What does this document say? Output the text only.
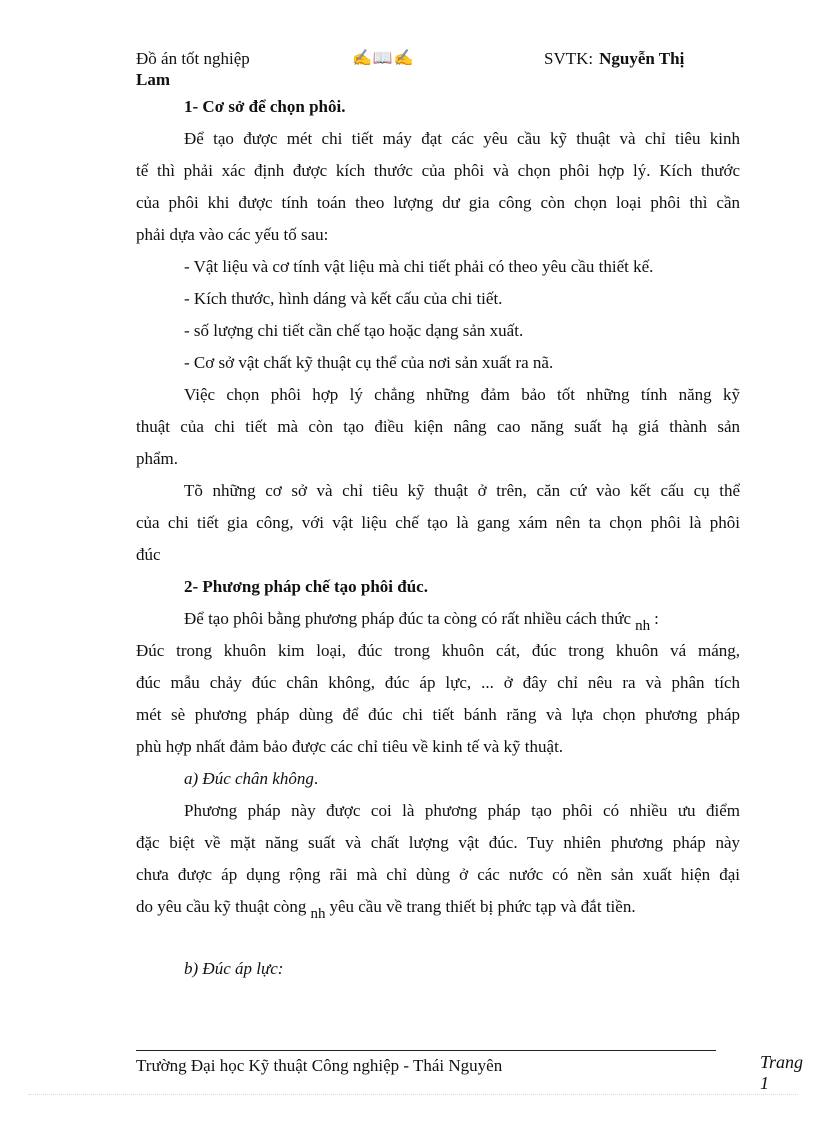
Đồ án tốt nghiệp	✍📖✍	SVTK: Nguyễn Thị
Lam
1- Cơ sở để chọn phôi.
Để tạo được mét chi tiết máy đạt các yêu cầu kỹ thuật và chỉ tiêu kinh
tế thì phải xác định được kích thước của phôi và chọn phôi hợp lý. Kích thước
của phôi khi được tính toán theo lượng dư gia công còn chọn loại phôi thì cần
phải dựa vào các yếu tố sau:
- Vật liệu và cơ tính vật liệu mà chi tiết phải có theo yêu cầu thiết kế.
- Kích thước, hình dáng và kết cấu của chi tiết.
- số lượng chi tiết cần chế tạo hoặc dạng sản xuất.
- Cơ sở vật chất kỹ thuật cụ thể của nơi sản xuất ra nã.
Việc chọn phôi hợp lý chẳng những đảm bảo tốt những tính năng kỹ
thuật của chi tiết mà còn tạo điều kiện nâng cao năng suất hạ giá thành sản
phẩm.
Tõ những cơ sở và chỉ tiêu kỹ thuật ở trên, căn cứ vào kết cấu cụ thể
của chi tiết gia công, với vật liệu chế tạo là gang xám nên ta chọn phôi là phôi
đúc
2- Phương pháp chế tạo phôi đúc.
Để tạo phôi bằng phương pháp đúc ta còng có rất nhiều cách thức nh :
Đúc trong khuôn kim loại, đúc trong khuôn cát, đúc trong khuôn vá máng,
đúc mẫu chảy đúc chân không, đúc áp lực, ... ở đây chỉ nêu ra và phân tích
mét sè phương pháp dùng để đúc chi tiết bánh răng và lựa chọn phương pháp
phù hợp nhất đảm bảo được các chỉ tiêu về kinh tế và kỹ thuật.
a) Đúc chân không.
Phương pháp này được coi là phương pháp tạo phôi có nhiều ưu điểm
đặc biệt về mặt năng suất và chất lượng vật đúc. Tuy nhiên phương pháp này
chưa được áp dụng rộng rãi mà chỉ dùng ở các nước có nền sản xuất hiện đại
do yêu cầu kỹ thuật còng nh yêu cầu về trang thiết bị phức tạp và đắt tiền.
b) Đúc áp lực:
Trường Đại học Kỹ thuật Công nghiệp - Thái Nguyên	Trang 1
